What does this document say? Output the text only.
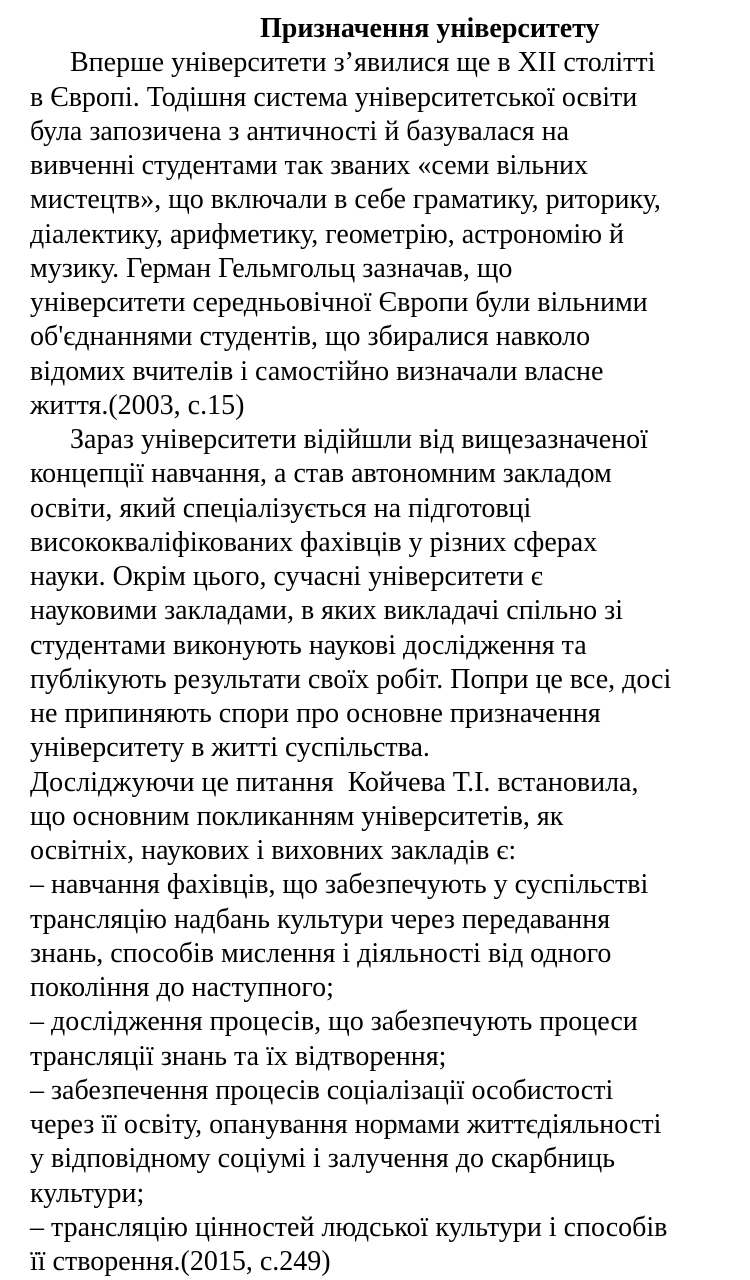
Призначення університету
Вперше університети з’явилися ще в XII столітті
в Європі. Тодішня система університетської освіти
була запозичена з античності й базувалася на
вивченні студентами так званих «семи вільних
мистецтв», що включали в себе граматику, риторику,
діалектику, арифметику, геометрію, астрономію й
музику. Герман Гельмгольц зазначав, що
університети середньовічної Європи були вільними
об'єднаннями студентів, що збиралися навколо
відомих вчителів і самостійно визначали власне
життя.(2003, с.15)
Зараз університети відійшли від вищезазначеної
концепції навчання, а став автономним закладом
освіти, який спеціалізується на підготовці
висококваліфікованих фахівців у різних сферах
науки. Окрім цього, сучасні університети є
науковими закладами, в яких викладачі спільно зі
студентами виконують наукові дослідження та
публікують результати своїх робіт. Попри це все, досі
не припиняють спори про основне призначення
університету в житті суспільства.
Досліджуючи це питання  Койчева Т.І. встановила,
що основним покликанням університетів, як
освітніх, наукових і виховних закладів є:
– навчання фахівців, що забезпечують у суспільстві
трансляцію надбань культури через передавання
знань, способів мислення і діяльності від одного
покоління до наступного;
– дослідження процесів, що забезпечують процеси
трансляції знань та їх відтворення;
– забезпечення процесів соціалізації особистості
через її освіту, опанування нормами життєдіяльності
у відповідному соціумі і залучення до скарбниць
культури;
– трансляцію цінностей людської культури і способів
її створення.(2015, с.249)
